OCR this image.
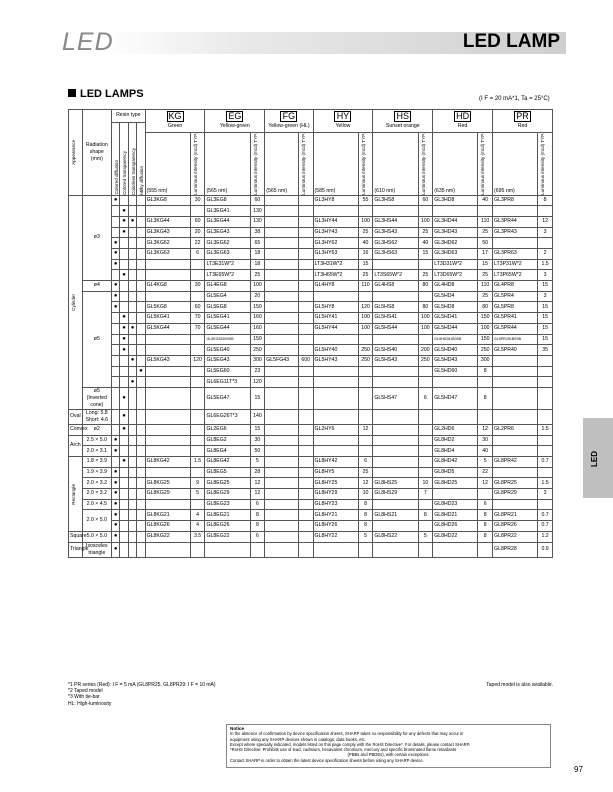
LED	LED LAMP
LED LAMPS	(I F = 20 mA*1, Ta = 25°C)
Appearance	Radiation shape (mm)	Resin type				KG		EG		FG		HY		HS		HD		PR	

		Colored diffusion	Colored transparency	Colorless transparency	Milky diffusion	Green		Yellow-green		Yellow-green (HL)		Yellow		Sunset orange		Red		Red	
						(555 nm)	Luminous intensity (mcd) TYP.	(565 nm)	Luminous intensity (mcd) TYP.	(565 nm)	Luminous intensity (mcd) TYP.	(585 nm)	Luminous intensity (mcd) TYP.	(610 nm)	Luminous intensity (mcd) TYP.	(635 nm)	Luminous intensity (mcd) TYP.	(695 nm)	Luminous intensity (mcd) TYP.

Cylinder	ø3	●				GL3KG8	30	GL3EG8	60			GL3HY8	55	GL3HS8	60	GL3HD8	40	GL3PR8	8
			●					GL3EG41	130										
			●	●		GL3KG44	60	GL3EG44	130			GL3HY44	100	GL3HS44	100	GL3HD44	110	GL3PR44	12
			●			GL3KG43	20	GL3EG43	38			GL3HY43	25	GL3HS43	25	GL3HD43	25	GL3PR43	3
		●				GL3KG62	22	GL3EG62	65			GL3HY62	40	GL3HS62	40	GL3HD62	50		
		●				GL3KG63	6	GL3EG63	18			GL3HY63	16	GL3HS63	15	GL3HD63	17	GL3PR63	2
		●						LT3E31W*2	18			LT3H31W*2	15			LT3D31W*2	15	LT3P31W*2	1.5
			●					LT3E65W*2	25			LT3H65W*2	25	LT3S65W*2	25	LT3D65W*2	25	LT3P65W*2	3
	ø4	●				GL4KG8	30	GL4EG8	100			GL4HY8	110	GL4HS8	80	GL4HD8	110	GL4PR8	15
	ø5	●						GL5EG4	20							GL5HD4	25	GL5PR4	3
		●				GL5KG8	60	GL5EG8	150			GL5HY8	120	GL5HS8	80	GL5HD8	80	GL5PR8	15
			●			GL5KG41	70	GL5EG41	160			GL5HY41	100	GL5HS41	100	GL5HD41	150	GL5PR41	15
			●	●		GL5KG44	70	GL5EG44	160			GL5HY44	100	GL5HS44	100	GL5HD44	100	GL5PR44	15
			●					GL5EG281B0SB	150							GL5HD281B0SB	150	GL5PR281B0SB	15
			●					GL5EG40	250			GL5HY40	250	GL5HS40	200	GL5HD40	250	GL5PR40	35
				●		GL5KG43	120	GL5EG43	300	GL5FG43	600	GL5HY43	250	GL5HS43	250	GL5HD43	300		
					●			GL5EG60	23							GL5HD60	8		
				●				GL6EG11T*3	120										
	ø5 (Inverted cone)		●					GL5EG47	15					GL5HS47	6	GL5HD47	8		
Oval	Long: 5.8 Short: 4.6		●					GL6EG26T*3	140										
Convex	ø2		●					GL2EG6	15			GL2HY6	12			GL2HD6	12	GL2PR6	1.5
Arch	2.5 × 5.0	●						GL8EG2	30							GL8HD2	30		
	2.0 × 3.1	●						GL8EG4	50							GL8HD4	40		

Rectangle	1.8 × 3.9		●			GL8KG42	1.5	GL8EG42	5			GL8HY42	6			GL8HD42	5	GL8PR42	0.7
	1.9 × 3.9	●						GL8EG5	28			GL8HY5	25			GL8HD5	22		
	2.0 × 3.2	●				GL8KG25	9	GL8EG25	12			GL8HY25	12	GL8HS25	10	GL8HD25	12	GL8PR25	1.5
	2.0 × 3.2	●				GL8KG29	5	GL8EG29	12			GL8HY29	10	GL8HS29	7			GL8PR29	3
	2.0 × 4.5	●						GL8EG23	6			GL8HY23	8			GL8HD23	6		
	2.0 × 5.0	●				GL8KG21	4	GL8EG21	8			GL8HY21	8	GL8HS21	8	GL8HD21	8	GL8PR21	0.7
		●				GL8KG26	4	GL8EG26	8			GL8HY26	8			GL8HD26	8	GL8PR26	0.7
Square	5.0 × 5.0	●				GL8KG22	3.5	GL8EG22	6			GL8HY22	5	GL8HS22	5	GL8HD22	8	GL8PR22	1.2
Triangle	Isosceles triangle	●																GL8PR28	0.9
*1 PR series (Red): I F = 5 mA (GL8PR25, GL8PR29: I F = 10 mA)
*2 Taped model
*3 With tie-bar
HL: High-luminosity
Taped model is also available.
Notice
In the absence of confirmation by device specification sheets, SHARP takes no responsibility for any defects that may occur in
equipment using any SHARP devices shown in catalogs, data books, etc.
Except where specially indicated, models listed on this page comply with the RoHS Directive*. For details, please contact SHARP.
*RoHS Directive: Prohibits use of lead, cadmium, hexavalent chromium, mercury and specific brominated flame retardants
(PBBs and PBDEs), with certain exceptions.
Contact SHARP in order to obtain the latest device specification sheets before using any SHARP device.
LED
97
